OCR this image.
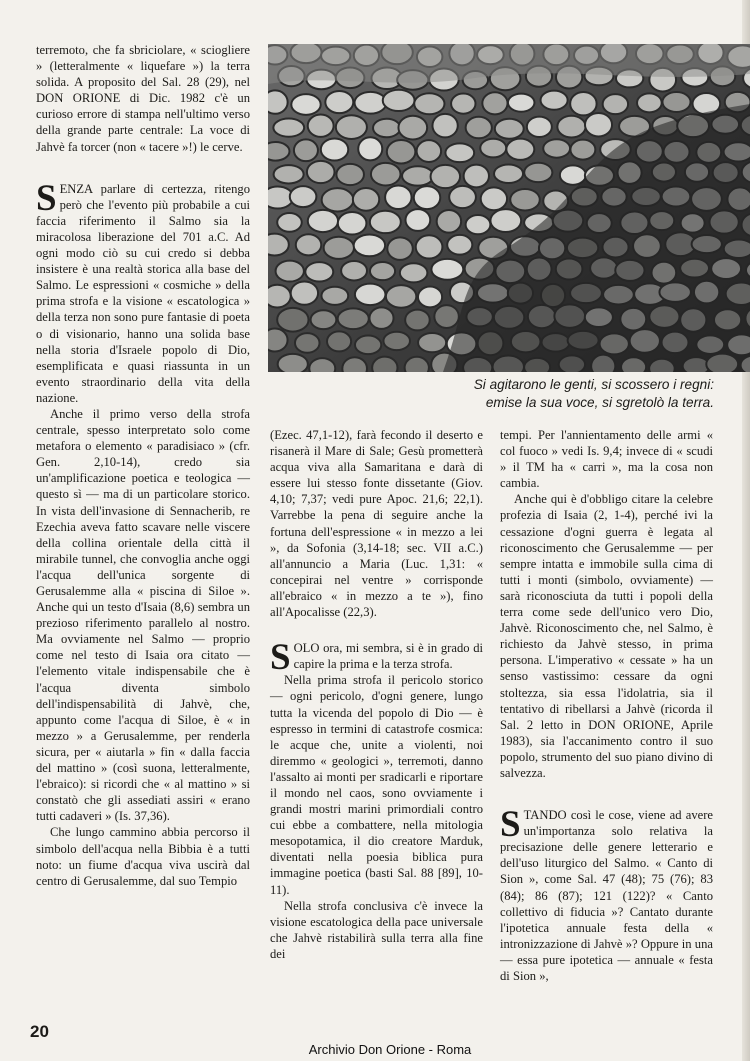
terremoto, che fa sbriciolare, « sciogliere » (letteralmente « liquefare ») la terra solida. A proposito del Sal. 28 (29), nel DON ORIONE di Dic. 1982 c'è un curioso errore di stampa nell'ultimo verso della grande parte centrale: La voce di Jahvè fa torcer (non « tacere »!) le cerve.

SENZA parlare di certezza, ritengo però che l'evento più probabile a cui faccia riferimento il Salmo sia la miracolosa liberazione del 701 a.C. Ad ogni modo ciò su cui credo si debba insistere è una realtà storica alla base del Salmo. Le espressioni « cosmiche » della prima strofa e la visione « escatologica » della terza non sono pure fantasie di poeta o di visionario, hanno una solida base nella storia d'Israele popolo di Dio, esemplificata e quasi riassunta in un evento straordinario della vita della nazione.

Anche il primo verso della strofa centrale, spesso interpretato solo come metafora o elemento « paradisiaco » (cfr. Gen. 2,10-14), credo sia un'amplificazione poetica e teologica — questo sì — ma di un particolare storico. In vista dell'invasione di Sennacherib, re Ezechia aveva fatto scavare nelle viscere della collina orientale della città il mirabile tunnel, che convoglia anche oggi l'acqua dell'unica sorgente di Gerusalemme alla « piscina di Siloe ». Anche qui un testo d'Isaia (8,6) sembra un prezioso riferimento parallelo al nostro. Ma ovviamente nel Salmo — proprio come nel testo di Isaia ora citato — l'elemento vitale indispensabile che è l'acqua diventa simbolo dell'indispensabilità di Jahvè, che, appunto come l'acqua di Siloe, è « in mezzo » a Gerusalemme, per renderla sicura, per « aiutarla » fin « dalla faccia del mattino » (così suona, letteralmente, l'ebraico): si ricordi che « al mattino » si constatò che gli assediati assiri « erano tutti cadaveri » (Is. 37,36).

Che lungo cammino abbia percorso il simbolo dell'acqua nella Bibbia è a tutti noto: un fiume d'acqua viva uscirà dal centro di Gerusalemme, dal suo Tempio

Si agitarono le genti, si scossero i regni:
emise la sua voce, si sgretolò la terra.

(Ezec. 47,1-12), farà fecondo il deserto e risanerà il Mare di Sale; Gesù prometterà acqua viva alla Samaritana e darà di essere lui stesso fonte dissetante (Giov. 4,10; 7,37; vedi pure Apoc. 21,6; 22,1). Varrebbe la pena di seguire anche la fortuna dell'espressione « in mezzo a lei », da Sofonia (3,14-18; sec. VII a.C.) all'annuncio a Maria (Luc. 1,31: « concepirai nel ventre » corrisponde all'ebraico « in mezzo a te »), fino all'Apocalisse (22,3).

SOLO ora, mi sembra, si è in grado di capire la prima e la terza strofa.

Nella prima strofa il pericolo storico — ogni pericolo, d'ogni genere, lungo tutta la vicenda del popolo di Dio — è espresso in termini di catastrofe cosmica: le acque che, unite a violenti, noi diremmo « geologici », terremoti, danno l'assalto ai monti per sradicarli e riportare il mondo nel caos, sono ovviamente i grandi mostri marini primordiali contro cui ebbe a combattere, nella mitologia mesopotamica, il dio creatore Marduk, diventati nella poesia biblica pura immagine poetica (basti Sal. 88 [89], 10-11).

Nella strofa conclusiva c'è invece la visione escatologica della pace universale che Jahvè ristabilirà sulla terra alla fine dei

tempi. Per l'annientamento delle armi « col fuoco » vedi Is. 9,4; invece di « scudi » il TM ha « carri », ma la cosa non cambia.

Anche qui è d'obbligo citare la celebre profezia di Isaia (2, 1-4), perché ivi la cessazione d'ogni guerra è legata al riconoscimento che Gerusalemme — per sempre intatta e immobile sulla cima di tutti i monti (simbolo, ovviamente) — sarà riconosciuta da tutti i popoli della terra come sede dell'unico vero Dio, Jahvè. Riconoscimento che, nel Salmo, è richiesto da Jahvè stesso, in prima persona. L'imperativo « cessate » ha un senso vastissimo: cessare da ogni stoltezza, sia essa l'idolatria, sia il tentativo di ribellarsi a Jahvè (ricorda il Sal. 2 letto in DON ORIONE, Aprile 1983), sia l'accanimento contro il suo popolo, strumento del suo piano divino di salvezza.

STANDO così le cose, viene ad avere un'importanza solo relativa la precisazione delle genere letterario e dell'uso liturgico del Salmo. « Canto di Sion », come Sal. 47 (48); 75 (76); 83 (84); 86 (87); 121 (122)? « Canto collettivo di fiducia »? Cantato durante l'ipotetica annuale festa della « intronizzazione di Jahvè »? Oppure in una — essa pure ipotetica — annuale « festa di Sion »,

20
Archivio Don Orione - Roma
